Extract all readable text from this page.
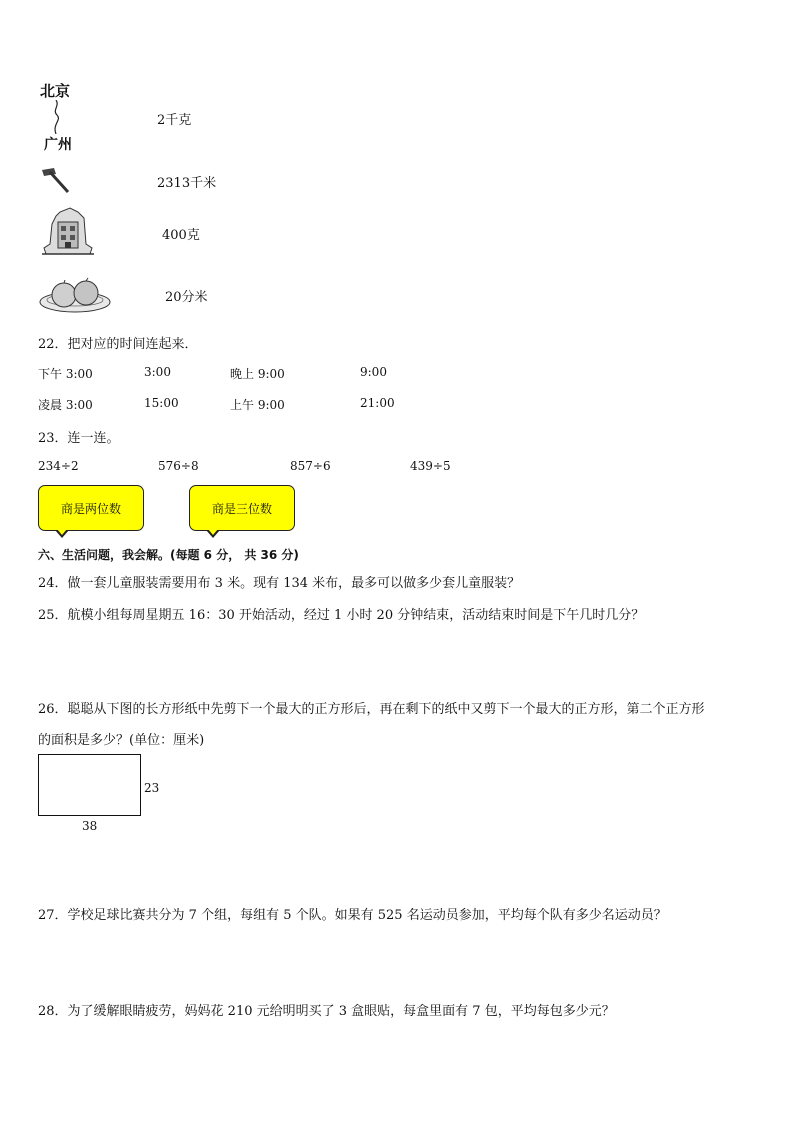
北京
广州
2千克
2313千米
400克
20分米
22．把对应的时间连起来．
下午 3:00	3:00	晚上 9:00	9:00
凌晨 3:00	15:00	上午 9:00	21:00
23．连一连。
234÷2	576÷8	857÷6	439÷5
商是两位数	商是三位数
六、生活问题，我会解。(每题 6 分， 共 36 分)
24．做一套儿童服装需要用布 3 米。现有 134 米布，最多可以做多少套儿童服装？
25．航模小组每周星期五 16：30 开始活动，经过 1 小时 20 分钟结束，活动结束时间是下午几时几分？
26．聪聪从下图的长方形纸中先剪下一个最大的正方形后，再在剩下的纸中又剪下一个最大的正方形，第二个正方形
的面积是多少？(单位：厘米)
23
38
27．学校足球比赛共分为 7 个组，每组有 5 个队。如果有 525 名运动员参加，平均每个队有多少名运动员？
28．为了缓解眼睛疲劳，妈妈花 210 元给明明买了 3 盒眼贴，每盒里面有 7 包，平均每包多少元？
